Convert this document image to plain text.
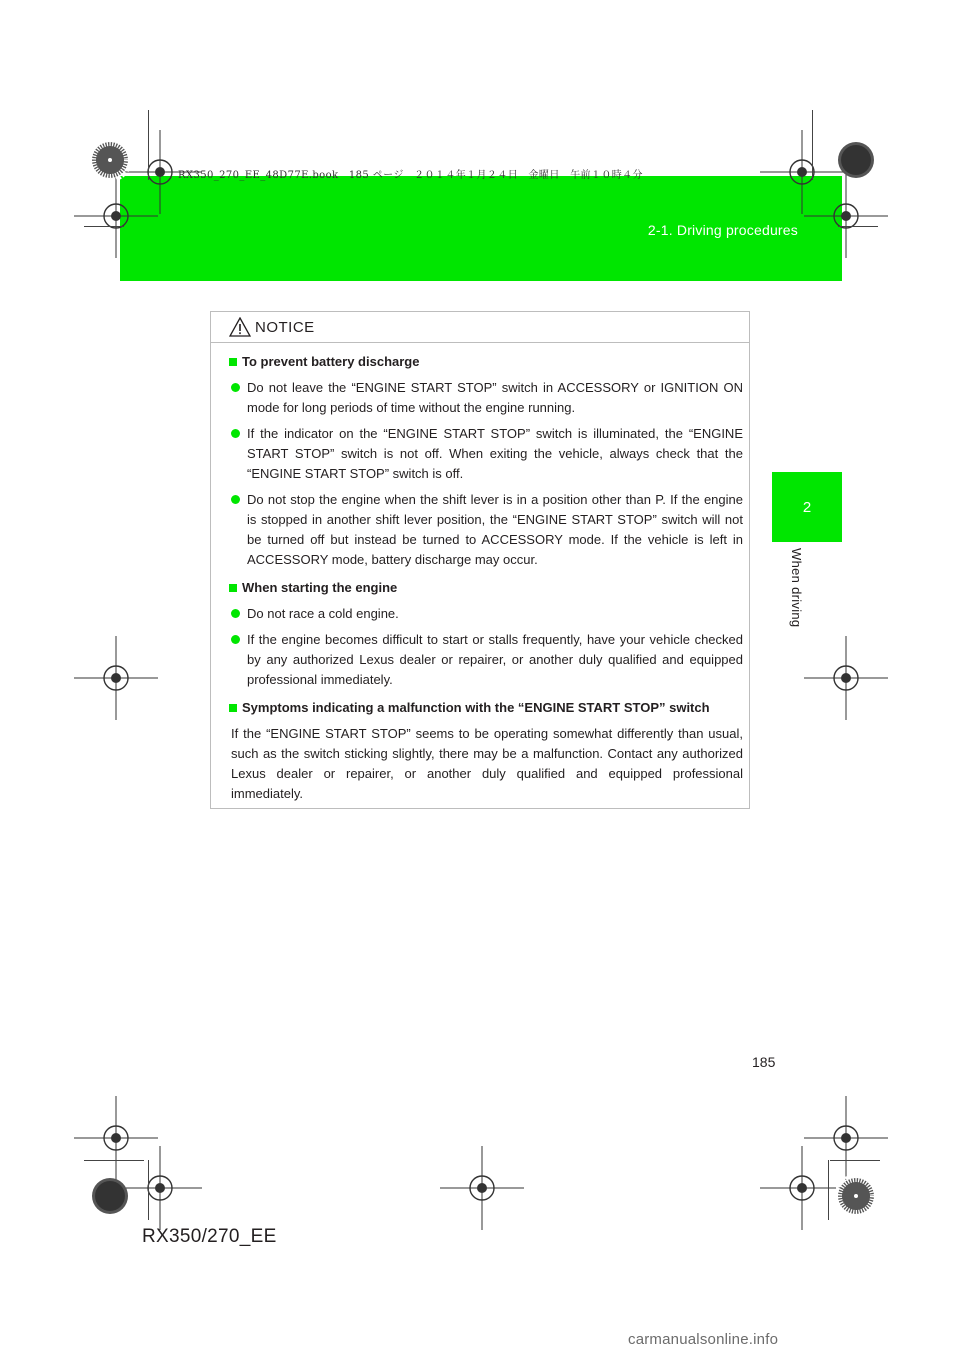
2-1. Driving procedures
RX350_270_EE_48D77E.book　185 ページ　２０１４年１月２４日　金曜日　午前１０時４分
2
When driving
NOTICE
To prevent battery discharge
Do not leave the “ENGINE START STOP” switch in ACCESSORY or IGNITION ON mode for long periods of time without the engine running.
If the indicator on the “ENGINE START STOP” switch is illuminated, the “ENGINE START STOP” switch is not off. When exiting the vehicle, always check that the “ENGINE START STOP” switch is off.
Do not stop the engine when the shift lever is in a position other than P. If the engine is stopped in another shift lever position, the “ENGINE START STOP” switch will not be turned off but instead be turned to ACCESSORY mode. If the vehicle is left in ACCESSORY mode, battery discharge may occur.
When starting the engine
Do not race a cold engine.
If the engine becomes difficult to start or stalls frequently, have your vehicle checked by any authorized Lexus dealer or repairer, or another duly qualified and equipped professional immediately.
Symptoms indicating a malfunction with the “ENGINE START STOP” switch

If the “ENGINE START STOP” seems to be operating somewhat differently than usual, such as the switch sticking slightly, there may be a malfunction. Contact any authorized Lexus dealer or repairer, or another duly qualified and equipped professional immediately.

185
RX350/270_EE
carmanualsonline.info
